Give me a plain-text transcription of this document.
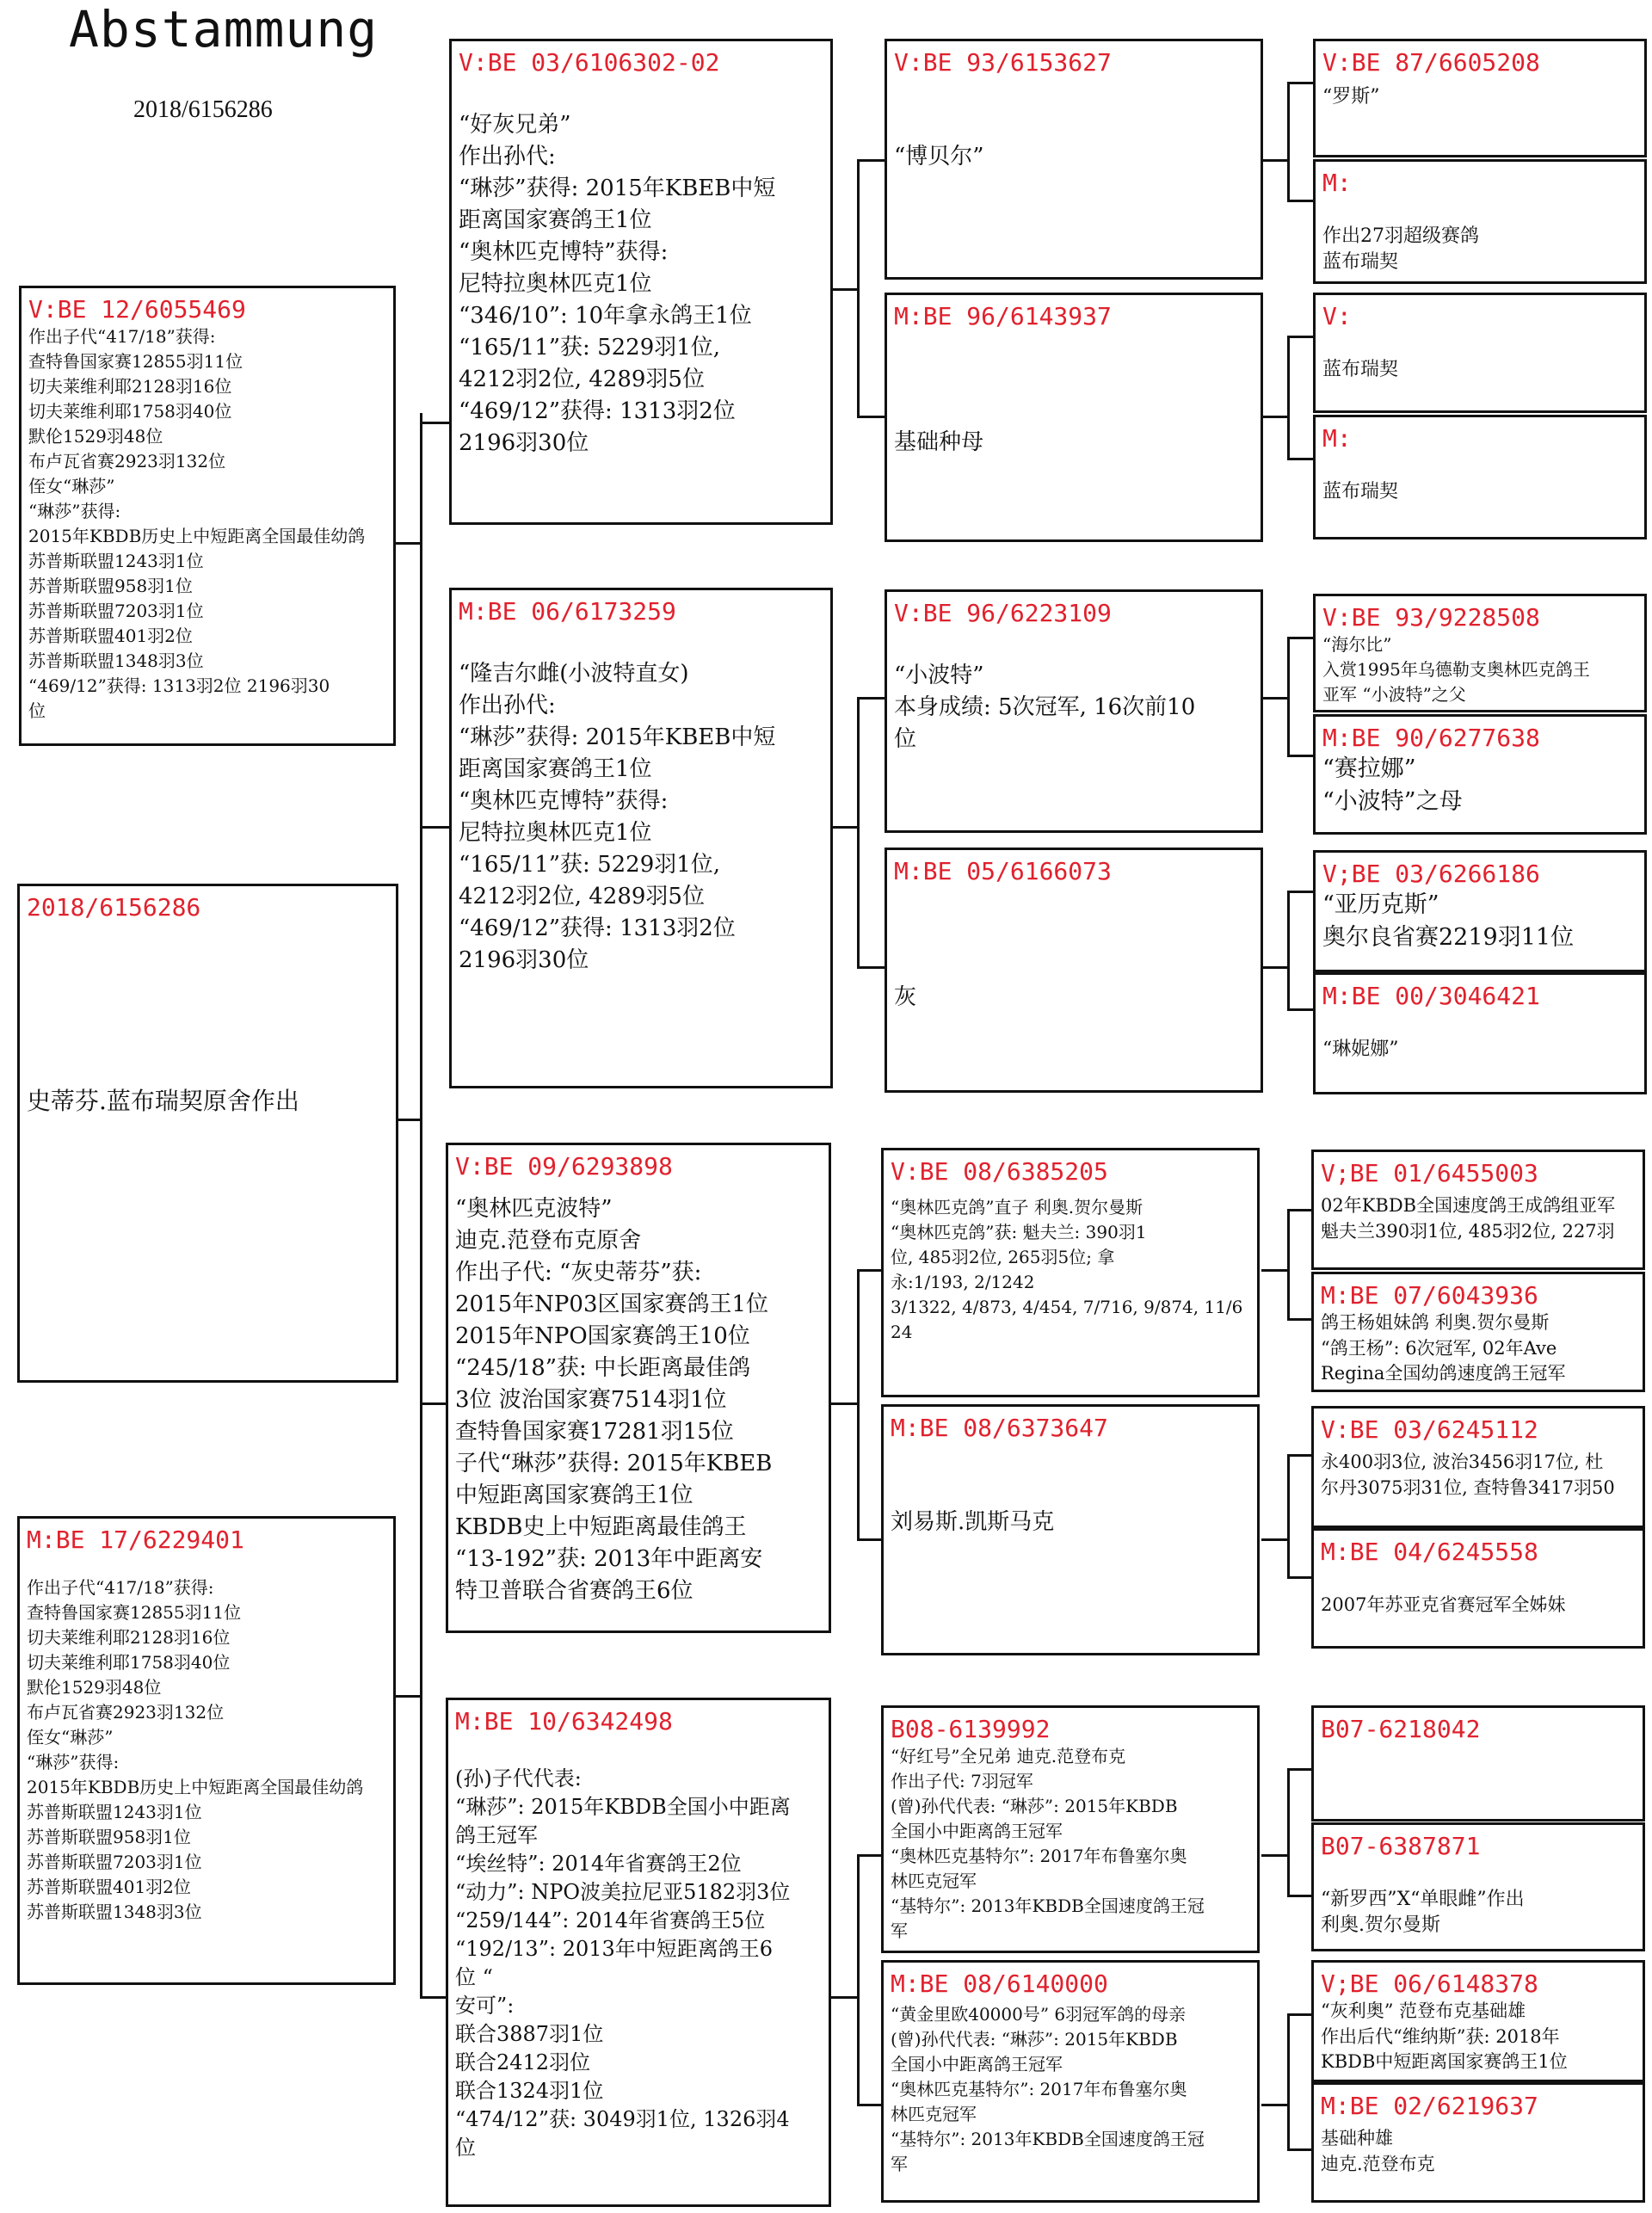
Abstammung
2018/6156286
V:BE 12/6055469
作出子代“417/18”获得:
查特鲁国家赛12855羽11位
切夫莱维利耶2128羽16位
切夫莱维利耶1758羽40位
默伦1529羽48位
布卢瓦省赛2923羽132位
侄女“琳莎”
“琳莎”获得:
2015年KBDB历史上中短距离全国最佳幼鸽
苏普斯联盟1243羽1位
苏普斯联盟958羽1位
苏普斯联盟7203羽1位
苏普斯联盟401羽2位
苏普斯联盟1348羽3位
“469/12”获得: 1313羽2位 2196羽30
位
2018/6156286
史蒂芬.蓝布瑞契原舍作出
M:BE 17/6229401
作出子代“417/18”获得:
查特鲁国家赛12855羽11位
切夫莱维利耶2128羽16位
切夫莱维利耶1758羽40位
默伦1529羽48位
布卢瓦省赛2923羽132位
侄女“琳莎”
“琳莎”获得:
2015年KBDB历史上中短距离全国最佳幼鸽
苏普斯联盟1243羽1位
苏普斯联盟958羽1位
苏普斯联盟7203羽1位
苏普斯联盟401羽2位
苏普斯联盟1348羽3位
V:BE 03/6106302-02

“好灰兄弟”
作出孙代:
“琳莎”获得: 2015年KBEB中短
距离国家赛鸽王1位
“奥林匹克博特”获得:
尼特拉奥林匹克1位
“346/10”: 10年拿永鸽王1位
“165/11”获: 5229羽1位,
4212羽2位, 4289羽5位
“469/12”获得: 1313羽2位
2196羽30位
M:BE 06/6173259

“隆吉尔雌(小波特直女)
作出孙代:
“琳莎”获得: 2015年KBEB中短
距离国家赛鸽王1位
“奥林匹克博特”获得:
尼特拉奥林匹克1位
“165/11”获: 5229羽1位,
4212羽2位, 4289羽5位
“469/12”获得: 1313羽2位
2196羽30位
V:BE 09/6293898
“奥林匹克波特”
迪克.范登布克原舍
作出子代: “灰史蒂芬”获:
2015年NP03区国家赛鸽王1位
2015年NPO国家赛鸽王10位
“245/18”获: 中长距离最佳鸽
3位 波治国家赛7514羽1位
查特鲁国家赛17281羽15位
子代“琳莎”获得: 2015年KBEB
中短距离国家赛鸽王1位
KBDB史上中短距离最佳鸽王
“13-192”获: 2013年中距离安
特卫普联合省赛鸽王6位
M:BE 10/6342498

(孙)子代代表:
“琳莎”: 2015年KBDB全国小中距离
鸽王冠军
“埃丝特”: 2014年省赛鸽王2位
“动力”: NPO波美拉尼亚5182羽3位
“259/144”: 2014年省赛鸽王5位
“192/13”: 2013年中短距离鸽王6
位 “
安可”:
联合3887羽1位
联合2412羽位
联合1324羽1位
“474/12”获: 3049羽1位, 1326羽4
位
V:BE 93/6153627

“博贝尔”
M:BE 96/6143937

基础种母
V:BE 96/6223109

“小波特”
本身成绩: 5次冠军, 16次前10
位
M:BE 05/6166073

灰
V:BE 08/6385205
“奥林匹克鸽”直子 利奥.贺尔曼斯
“奥林匹克鸽”获: 魁夫兰: 390羽1
位, 485羽2位, 265羽5位; 拿
永:1/193, 2/1242
3/1322, 4/873, 4/454, 7/716, 9/874, 11/6
24
M:BE 08/6373647

刘易斯.凯斯马克
B08-6139992
“好红号”全兄弟 迪克.范登布克
作出子代: 7羽冠军
(曾)孙代代表: “琳莎”: 2015年KBDB
全国小中距离鸽王冠军
“奥林匹克基特尔”: 2017年布鲁塞尔奥
林匹克冠军
“基特尔”: 2013年KBDB全国速度鸽王冠
军
M:BE 08/6140000
“黄金里欧40000号” 6羽冠军鸽的母亲
(曾)孙代代表: “琳莎”: 2015年KBDB
全国小中距离鸽王冠军
“奥林匹克基特尔”: 2017年布鲁塞尔奥
林匹克冠军
“基特尔”: 2013年KBDB全国速度鸽王冠
军
V:BE 87/6605208
“罗斯”
M:

作出27羽超级赛鸽
蓝布瑞契
V:

蓝布瑞契
M:

蓝布瑞契
V:BE 93/9228508
“海尔比”
入赏1995年乌德勒支奥林匹克鸽王
亚军 “小波特”之父
M:BE 90/6277638
“赛拉娜”
“小波特”之母
V;BE 03/6266186
“亚历克斯”
奥尔良省赛2219羽11位
M:BE 00/3046421

“琳妮娜”
V;BE 01/6455003
02年KBDB全国速度鸽王成鸽组亚军
魁夫兰390羽1位, 485羽2位, 227羽
M:BE 07/6043936
鸽王杨姐妹鸽 利奥.贺尔曼斯
“鸽王杨”: 6次冠军, 02年Ave
Regina全国幼鸽速度鸽王冠军
V:BE 03/6245112
永400羽3位, 波治3456羽17位, 杜
尔丹3075羽31位, 查特鲁3417羽50
M:BE 04/6245558

2007年苏亚克省赛冠军全姊妹
B07-6218042
B07-6387871

“新罗西”X“单眼雌”作出
利奥.贺尔曼斯
V;BE 06/6148378
“灰利奥” 范登布克基础雄
作出后代“维纳斯”获: 2018年
KBDB中短距离国家赛鸽王1位
M:BE 02/6219637
基础种雄
迪克.范登布克
